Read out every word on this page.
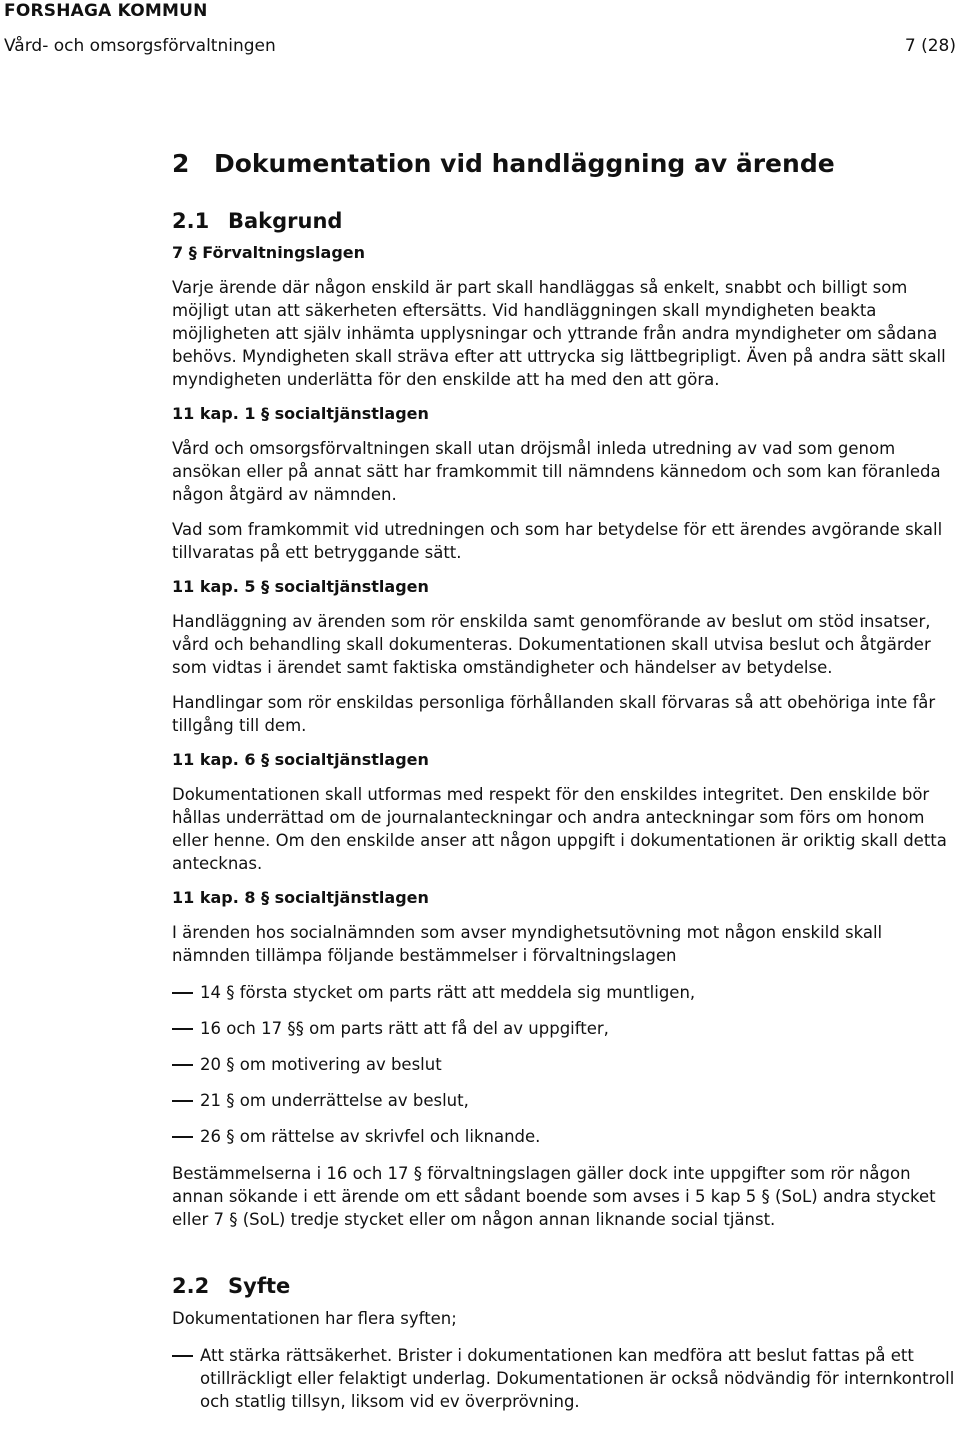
FORSHAGA KOMMUN
Vård- och omsorgsförvaltningen	7 (28)
2 Dokumentation vid handläggning av ärende
2.1 Bakgrund
7 § Förvaltningslagen

Varje ärende där någon enskild är part skall handläggas så enkelt, snabbt och billigt som möjligt utan att säkerheten eftersätts. Vid handläggningen skall myndigheten beakta möjligheten att själv inhämta upplysningar och yttrande från andra myndigheter om sådana behövs. Myndigheten skall sträva efter att uttrycka sig lättbegripligt. Även på andra sätt skall myndigheten underlätta för den enskilde att ha med den att göra.

11 kap. 1 § socialtjänstlagen

Vård och omsorgsförvaltningen skall utan dröjsmål inleda utredning av vad som genom ansökan eller på annat sätt har framkommit till nämndens kännedom och som kan föranleda någon åtgärd av nämnden.

Vad som framkommit vid utredningen och som har betydelse för ett ärendes avgörande skall tillvaratas på ett betryggande sätt.

11 kap. 5 § socialtjänstlagen

Handläggning av ärenden som rör enskilda samt genomförande av beslut om stöd insatser, vård och behandling skall dokumenteras. Dokumentationen skall utvisa beslut och åtgärder som vidtas i ärendet samt faktiska omständigheter och händelser av betydelse.

Handlingar som rör enskildas personliga förhållanden skall förvaras så att obehöriga inte får tillgång till dem.

11 kap. 6 § socialtjänstlagen

Dokumentationen skall utformas med respekt för den enskildes integritet. Den enskilde bör hållas underrättad om de journalanteckningar och andra anteckningar som förs om honom eller henne. Om den enskilde anser att någon uppgift i dokumentationen är oriktig skall detta antecknas.

11 kap. 8 § socialtjänstlagen

I ärenden hos socialnämnden som avser myndighetsutövning mot någon enskild skall nämnden tillämpa följande bestämmelser i förvaltningslagen

14 § första stycket om parts rätt att meddela sig muntligen,
16 och 17 §§ om parts rätt att få del av uppgifter,
20 § om motivering av beslut
21 § om underrättelse av beslut,
26 § om rättelse av skrivfel och liknande.

Bestämmelserna i 16 och 17 § förvaltningslagen gäller dock inte uppgifter som rör någon annan sökande i ett ärende om ett sådant boende som avses i 5 kap 5 § (SoL) andra stycket eller 7 § (SoL) tredje stycket eller om någon annan liknande social tjänst.

2.2 Syfte

Dokumentationen har flera syften;

Att stärka rättsäkerhet. Brister i dokumentationen kan medföra att beslut fattas på ett otillräckligt eller felaktigt underlag. Dokumentationen är också nödvändig för internkontroll och statlig tillsyn, liksom vid ev överprövning.
